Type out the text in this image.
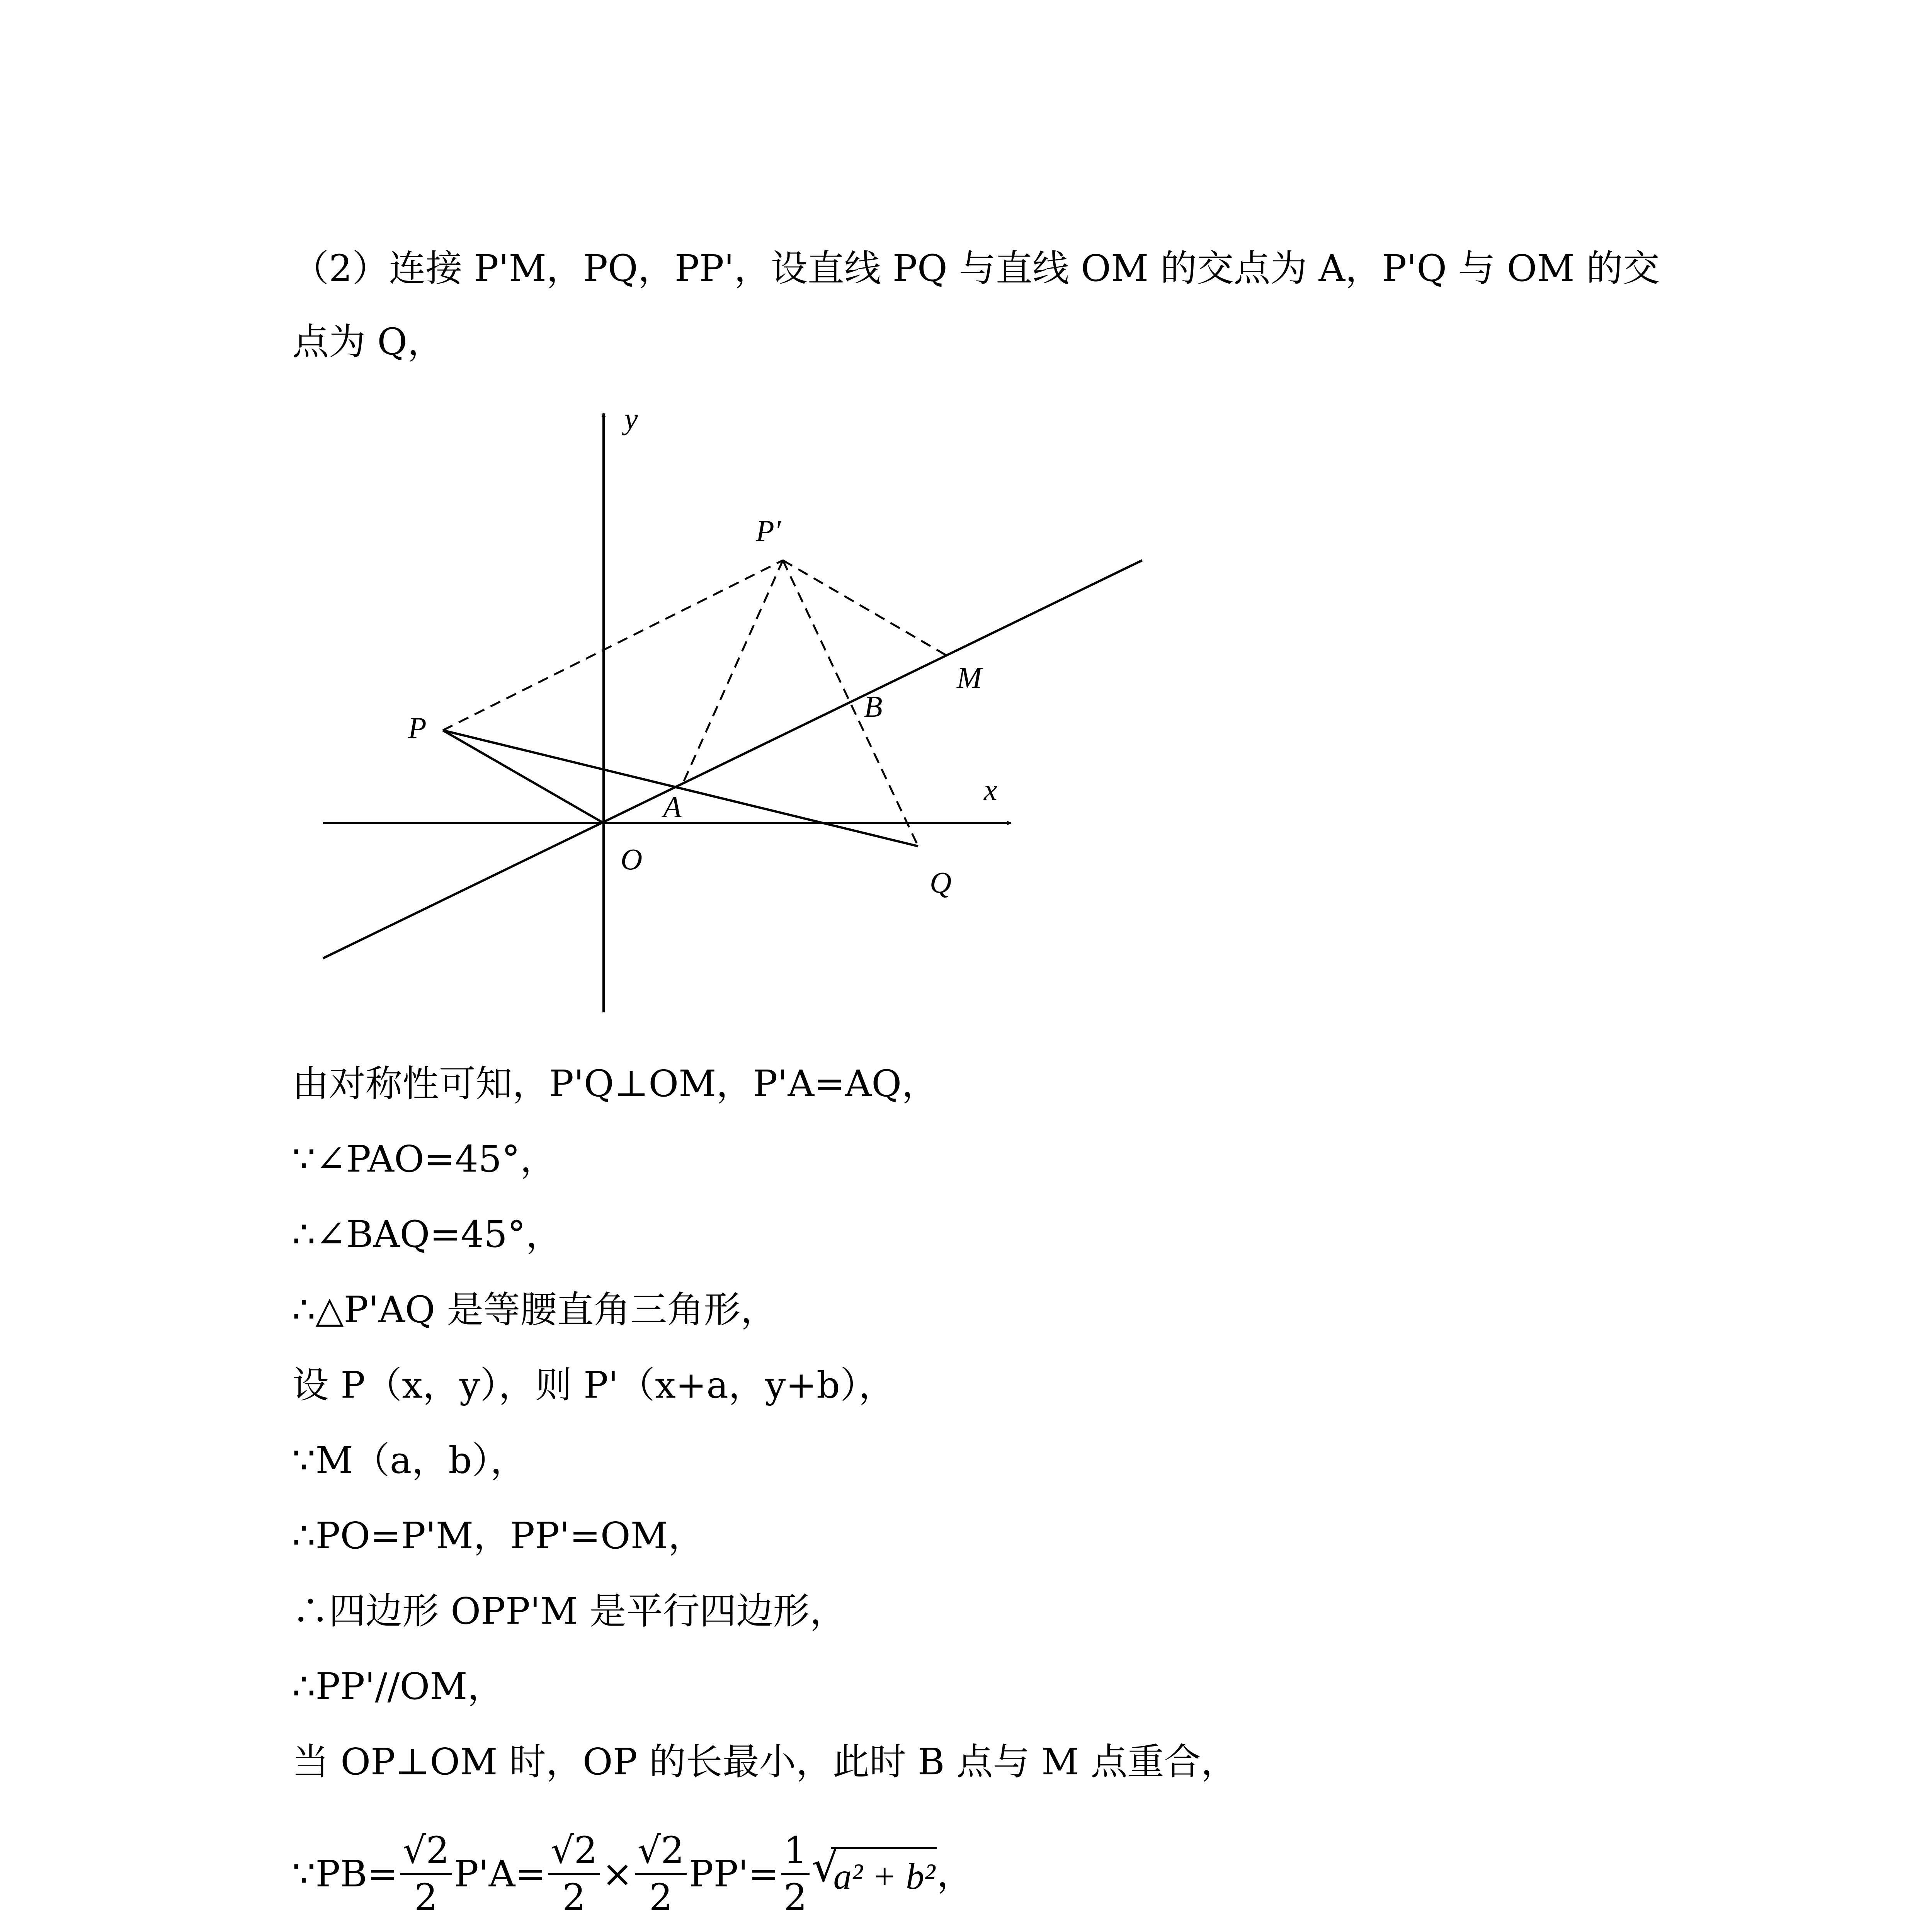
（2）连接 P'M，PQ，PP'，设直线 PQ 与直线 OM 的交点为 A，P'Q 与 OM 的交
点为 Q，
P′
P
M
B
A
O
Q
x
y
由对称性可知，P'Q⊥OM，P'A=AQ，
∵∠PAO=45°，
∴∠BAQ=45°，
∴△P'AQ 是等腰直角三角形，
设 P（x，y），则 P'（x+a，y+b），
∵M（a，b），
∴PO=P'M，PP'=OM，
∴四边形 OPP'M 是平行四边形，
∴PP'//OM，
当 OP⊥OM 时，OP 的长最小，此时 B 点与 M 点重合，
∵PB= $\frac{√2}{2} P'A= \frac{√2}{2} \times \frac{√2}{2} PP'= \frac{1}{2}$ √
a² + b² ，
